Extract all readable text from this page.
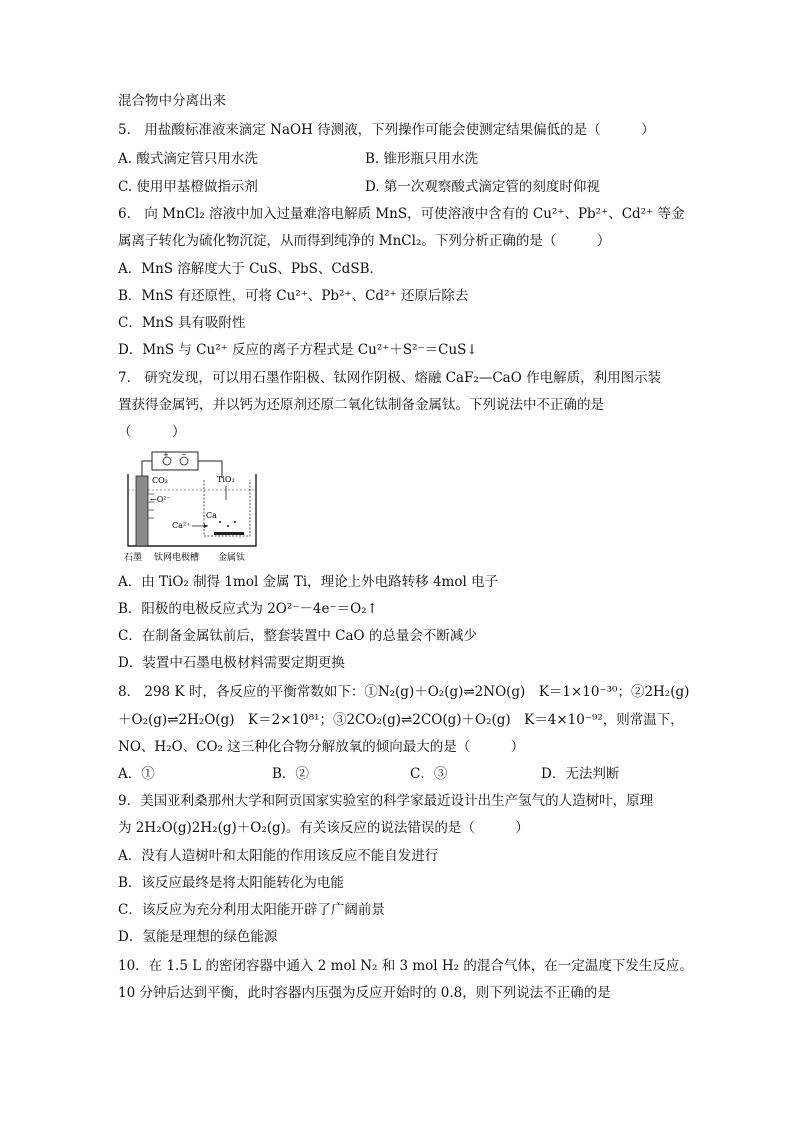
混合物中分离出来
5.　用盐酸标准液来滴定 NaOH 待测液，下列操作可能会使测定结果偏低的是（　　　）
A. 酸式滴定管只用水洗	B. 锥形瓶只用水洗
C. 使用甲基橙做指示剂	D. 第一次观察酸式滴定管的刻度时仰视
6． 向 MnCl₂ 溶液中加入过量难溶电解质 MnS，可使溶液中含有的 Cu²⁺、Pb²⁺、Cd²⁺ 等金
属离子转化为硫化物沉淀，从而得到纯净的 MnCl₂。下列分析正确的是（　　　）
A．MnS 溶解度大于 CuS、PbS、CdSB．
B．MnS 有还原性，可将 Cu²⁺、Pb²⁺、Cd²⁺ 还原后除去
C．MnS 具有吸附性
D．MnS 与 Cu²⁺ 反应的离子方程式是 Cu²⁺＋S²⁻＝CuS↓
7.　研究发现，可以用石墨作阳极、钛网作阴极、熔融 CaF₂—CaO 作电解质，利用图示装
置获得金属钙，并以钙为还原剂还原二氧化钛制备金属钛。下列说法中不正确的是
（　　　）
+ −
CO₂
←O²⁻
TiO₂
Ca
Ca²⁺
石墨 钛网电极槽 金属钛
A．由 TiO₂ 制得 1mol 金属 Ti，理论上外电路转移 4mol 电子
B．阳极的电极反应式为 2O²⁻－4e⁻＝O₂↑
C．在制备金属钛前后，整套装置中 CaO 的总量会不断减少
D．装置中石墨电极材料需要定期更换
8． 298 K 时，各反应的平衡常数如下：①N₂(g)＋O₂(g)⇌2NO(g)　K＝1×10⁻³⁰；②2H₂(g)
＋O₂(g)⇌2H₂O(g)　K＝2×10⁸¹；③2CO₂(g)⇌2CO(g)＋O₂(g)　K＝4×10⁻⁹²，则常温下，
NO、H₂O、CO₂ 这三种化合物分解放氧的倾向最大的是（　　　）
A．①	B．②	C．③	D．无法判断
9．美国亚利桑那州大学和阿贡国家实验室的科学家最近设计出生产氢气的人造树叶，原理
为 2H₂O(g)2H₂(g)＋O₂(g)。有关该反应的说法错误的是（　　　）
A．没有人造树叶和太阳能的作用该反应不能自发进行
B．该反应最终是将太阳能转化为电能
C．该反应为充分利用太阳能开辟了广阔前景
D．氢能是理想的绿色能源
10．在 1.5 L 的密闭容器中通入 2 mol N₂ 和 3 mol H₂ 的混合气体，在一定温度下发生反应。
10 分钟后达到平衡，此时容器内压强为反应开始时的 0.8，则下列说法不正确的是
